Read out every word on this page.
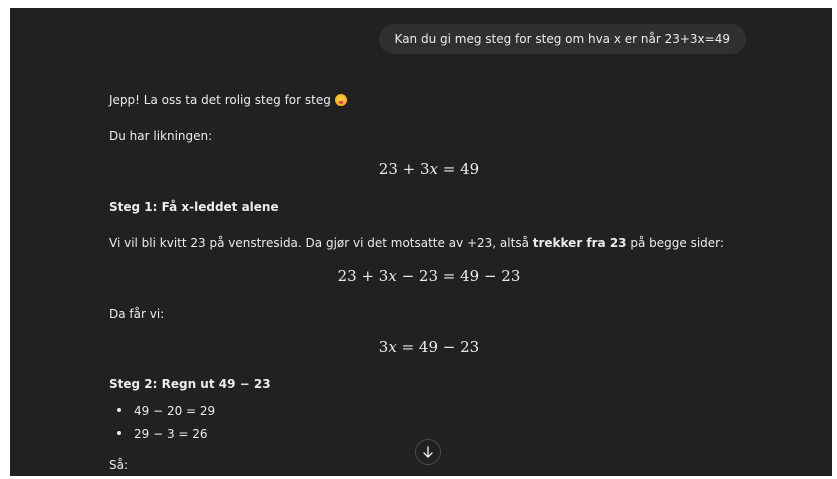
Kan du gi meg steg for steg om hva x er når 23+3x=49
Jepp! La oss ta det rolig steg for steg
Du har likningen:
23 + 3x = 49
Steg 1: Få x-leddet alene
Vi vil bli kvitt 23 på venstresida. Da gjør vi det motsatte av +23, altså trekker fra 23 på begge sider:
23 + 3x − 23 = 49 − 23
Da får vi:
3x = 49 − 23
Steg 2: Regn ut 49 − 23
49 − 20 = 29
29 − 3 = 26
Så:
